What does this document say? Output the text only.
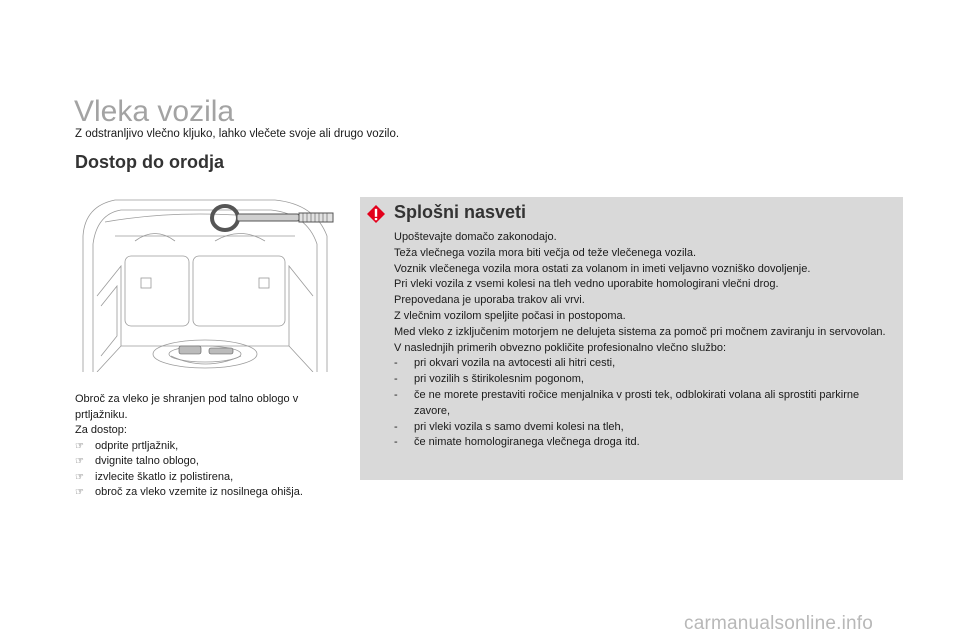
Vleka vozila
Z odstranljivo vlečno kljuko, lahko vlečete svoje ali drugo vozilo.
Dostop do orodja
Obroč za vleko je shranjen pod talno oblogo v prtljažniku.
Za dostop:
☞	odprite prtljažnik,
☞	dvignite talno oblogo,
☞	izvlecite škatlo iz polistirena,
☞	obroč za vleko vzemite iz nosilnega ohišja.
Splošni nasveti
Upoštevajte domačo zakonodajo.
Teža vlečnega vozila mora biti večja od teže vlečenega vozila.
Voznik vlečenega vozila mora ostati za volanom in imeti veljavno vozniško dovoljenje.
Pri vleki vozila z vsemi kolesi na tleh vedno uporabite homologirani vlečni drog.
Prepovedana je uporaba trakov ali vrvi.
Z vlečnim vozilom speljite počasi in postopoma.
Med vleko z izključenim motorjem ne delujeta sistema za pomoč pri močnem zaviranju in servovolan.
V naslednjih primerih obvezno pokličite profesionalno vlečno službo:
-	pri okvari vozila na avtocesti ali hitri cesti,
-	pri vozilih s štirikolesnim pogonom,
-	če ne morete prestaviti ročice menjalnika v prosti tek, odblokirati volana ali sprostiti parkirne zavore,
-	pri vleki vozila s samo dvemi kolesi na tleh,
-	če nimate homologiranega vlečnega droga itd.
carmanualsonline.info
